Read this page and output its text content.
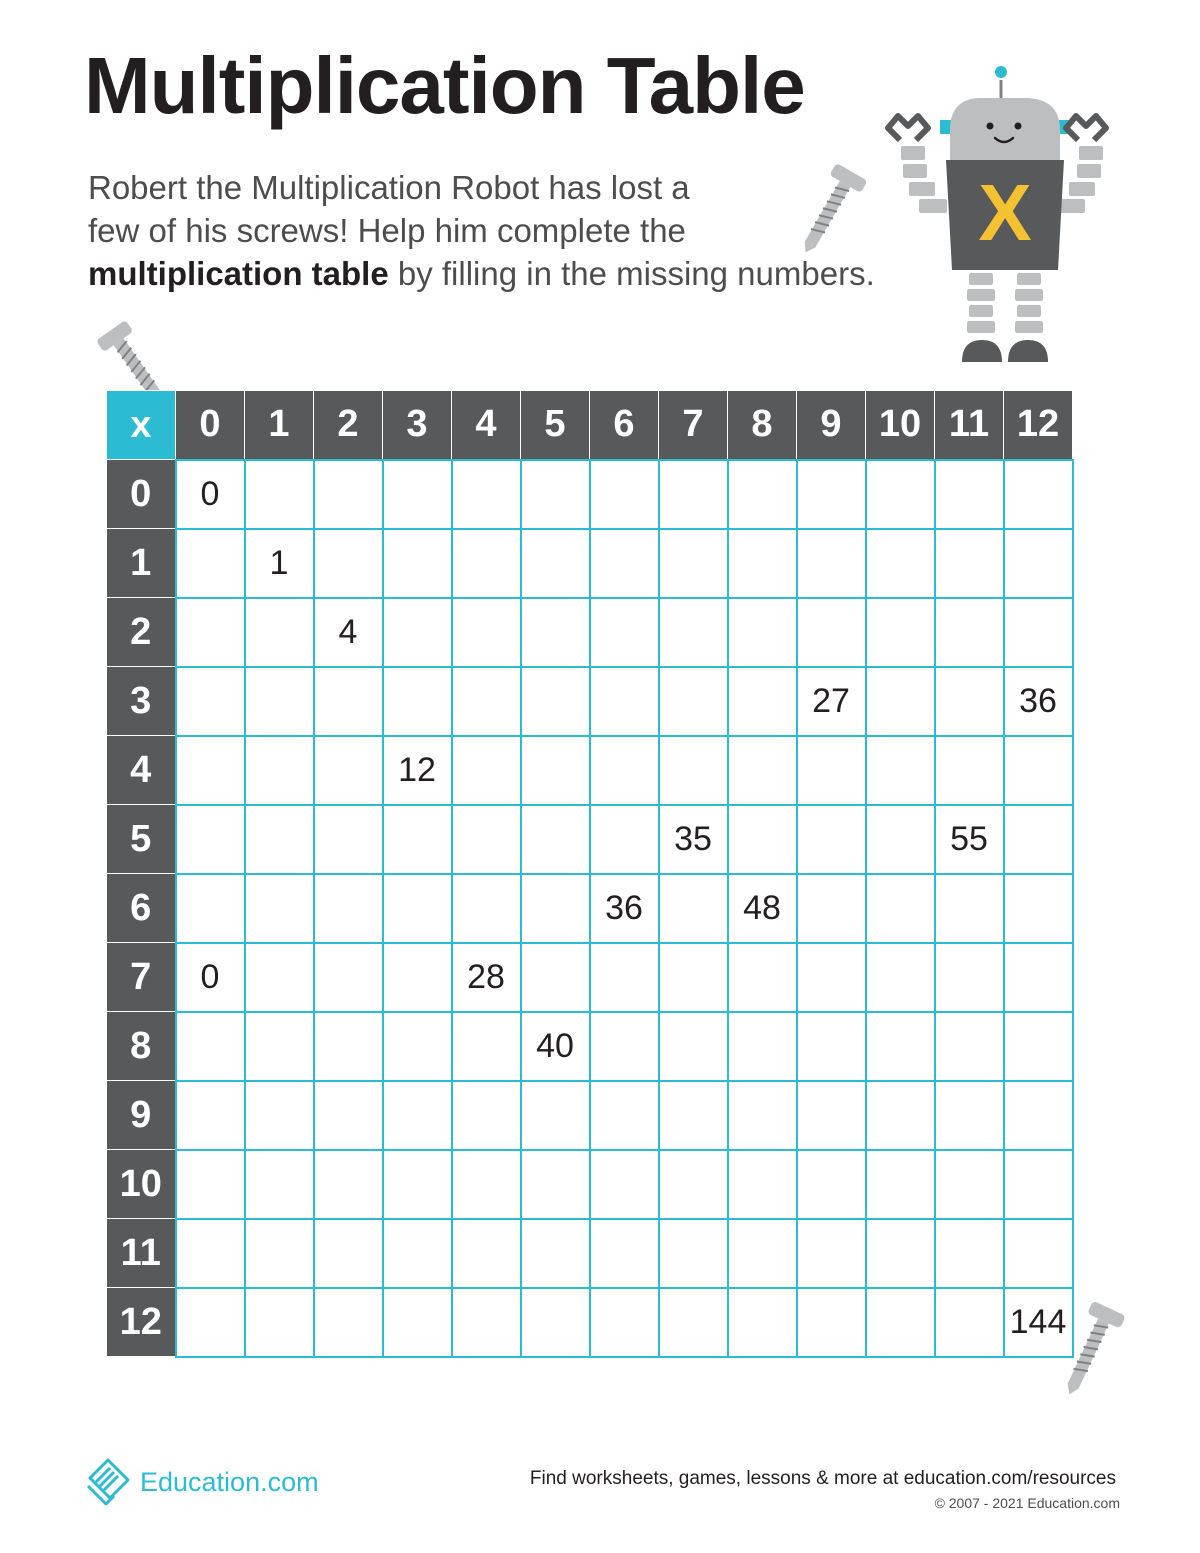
Multiplication Table
Robert the Multiplication Robot has lost a
few of his screws! Help him complete the
multiplication table by filling in the missing numbers.
X
x	0	1	2	3	4	5	6	7	8	9	10	11	12
0	0												
1		1											
2			4										
3										27			36
4				12									
5								35				55	
6							36		48				
7	0				28								
8						40							
9													
10													
11													
12													144
Education.com	Find worksheets, games, lessons & more at education.com/resources
© 2007 - 2021 Education.com
